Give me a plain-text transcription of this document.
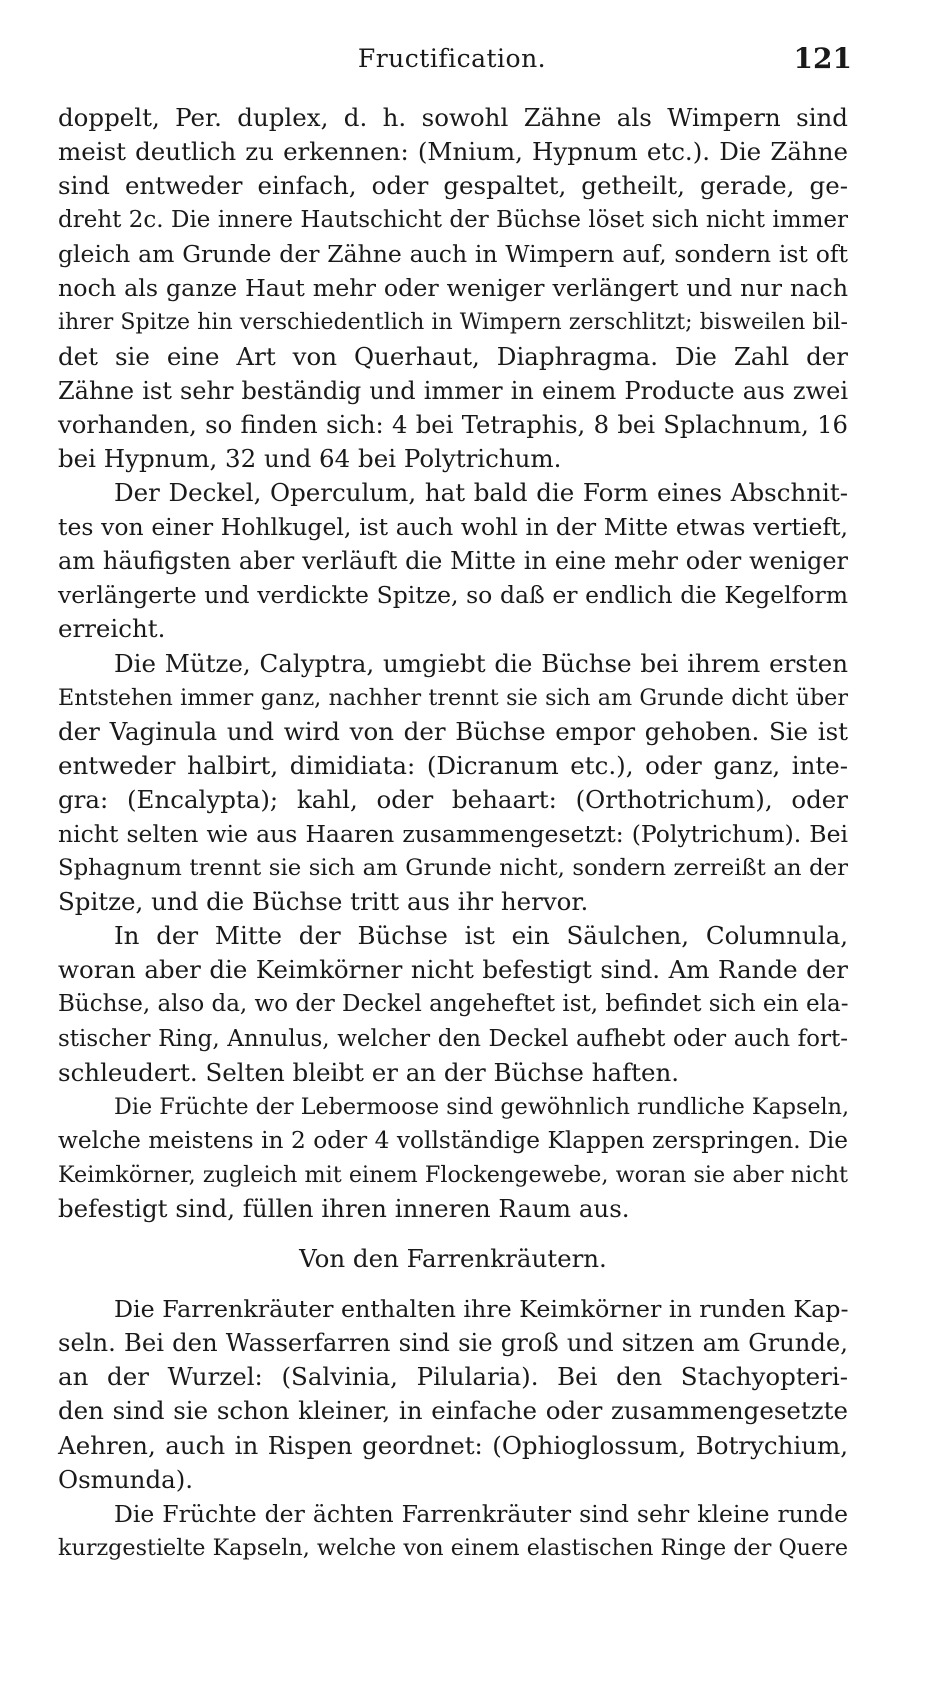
Fructification.	121
doppelt, Per. duplex, d. h. sowohl Zähne als Wimpern sind
meist deutlich zu erkennen: (Mnium, Hypnum etc.). Die Zähne
sind entweder einfach, oder gespaltet, getheilt, gerade, ge-
dreht 2c. Die innere Hautschicht der Büchse löset sich nicht immer
gleich am Grunde der Zähne auch in Wimpern auf, sondern ist oft
noch als ganze Haut mehr oder weniger verlängert und nur nach
ihrer Spitze hin verschiedentlich in Wimpern zerschlitzt; bisweilen bil-
det sie eine Art von Querhaut, Diaphragma. Die Zahl der
Zähne ist sehr beständig und immer in einem Producte aus zwei
vorhanden, so finden sich: 4 bei Tetraphis, 8 bei Splachnum, 16
bei Hypnum, 32 und 64 bei Polytrichum.
Der Deckel, Operculum, hat bald die Form eines Abschnit-
tes von einer Hohlkugel, ist auch wohl in der Mitte etwas vertieft,
am häufigsten aber verläuft die Mitte in eine mehr oder weniger
verlängerte und verdickte Spitze, so daß er endlich die Kegelform
erreicht.
Die Mütze, Calyptra, umgiebt die Büchse bei ihrem ersten
Entstehen immer ganz, nachher trennt sie sich am Grunde dicht über
der Vaginula und wird von der Büchse empor gehoben. Sie ist
entweder halbirt, dimidiata: (Dicranum etc.), oder ganz, inte-
gra: (Encalypta); kahl, oder behaart: (Orthotrichum), oder
nicht selten wie aus Haaren zusammengesetzt: (Polytrichum). Bei
Sphagnum trennt sie sich am Grunde nicht, sondern zerreißt an der
Spitze, und die Büchse tritt aus ihr hervor.
In der Mitte der Büchse ist ein Säulchen, Columnula,
woran aber die Keimkörner nicht befestigt sind. Am Rande der
Büchse, also da, wo der Deckel angeheftet ist, befindet sich ein ela-
stischer Ring, Annulus, welcher den Deckel aufhebt oder auch fort-
schleudert. Selten bleibt er an der Büchse haften.
Die Früchte der Lebermoose sind gewöhnlich rundliche Kapseln,
welche meistens in 2 oder 4 vollständige Klappen zerspringen. Die
Keimkörner, zugleich mit einem Flockengewebe, woran sie aber nicht
befestigt sind, füllen ihren inneren Raum aus.
Von den Farrenkräutern.
Die Farrenkräuter enthalten ihre Keimkörner in runden Kap-
seln. Bei den Wasserfarren sind sie groß und sitzen am Grunde,
an der Wurzel: (Salvinia, Pilularia). Bei den Stachyopteri-
den sind sie schon kleiner, in einfache oder zusammengesetzte
Aehren, auch in Rispen geordnet: (Ophioglossum, Botrychium,
Osmunda).
Die Früchte der ächten Farrenkräuter sind sehr kleine runde
kurzgestielte Kapseln, welche von einem elastischen Ringe der Quere
